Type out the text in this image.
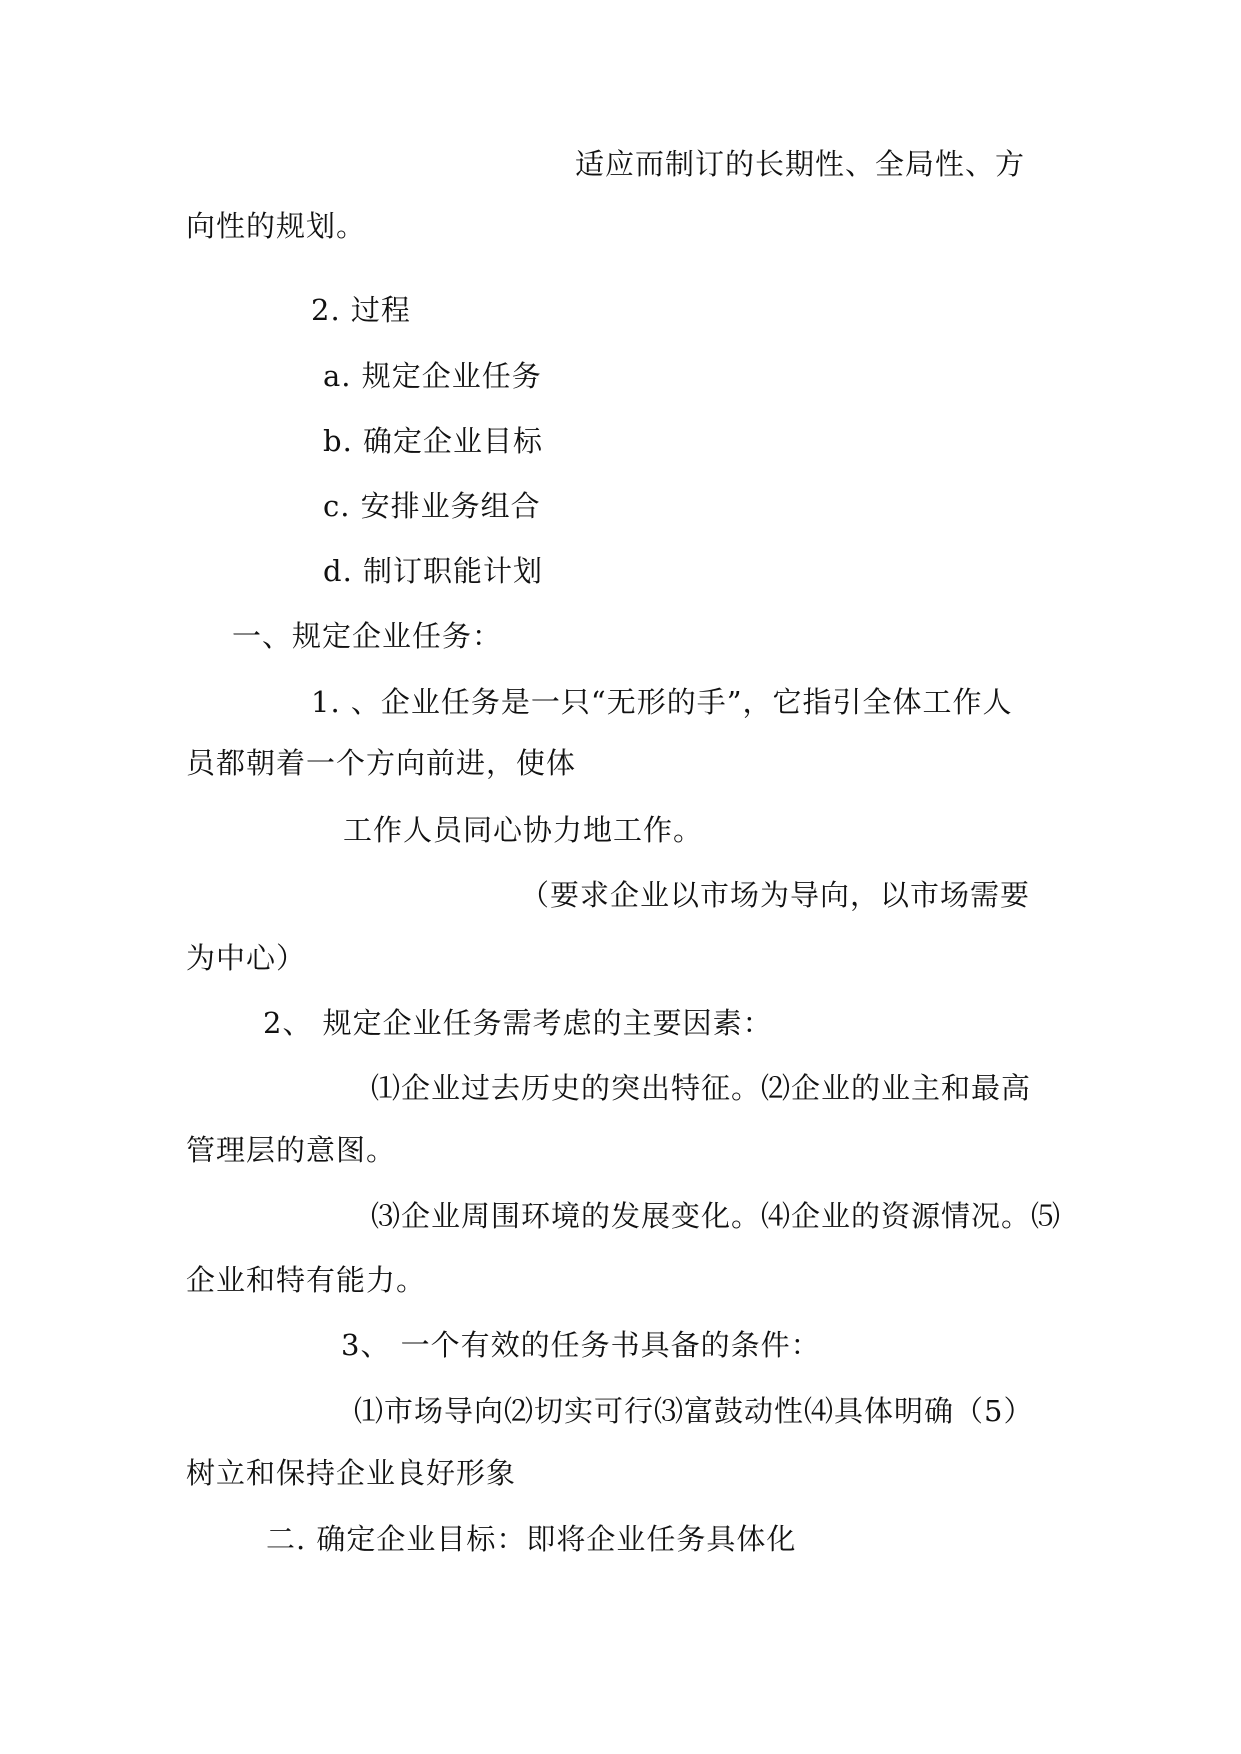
适应而制订的长期性、全局性、方
向性的规划。
2. 过程
a. 规定企业任务
b. 确定企业目标
c. 安排业务组合
d. 制订职能计划
一、规定企业任务：
1. 、企业任务是一只“无形的手”，它指引全体工作人
员都朝着一个方向前进，使体
工作人员同心协力地工作。
（要求企业以市场为导向，以市场需要
为中心）
2、 规定企业任务需考虑的主要因素：
⑴企业过去历史的突出特征。⑵企业的业主和最高
管理层的意图。
⑶企业周围环境的发展变化。⑷企业的资源情况。⑸
企业和特有能力。
3、 一个有效的任务书具备的条件：
⑴市场导向⑵切实可行⑶富鼓动性⑷具体明确（5）
树立和保持企业良好形象
二. 确定企业目标：即将企业任务具体化
